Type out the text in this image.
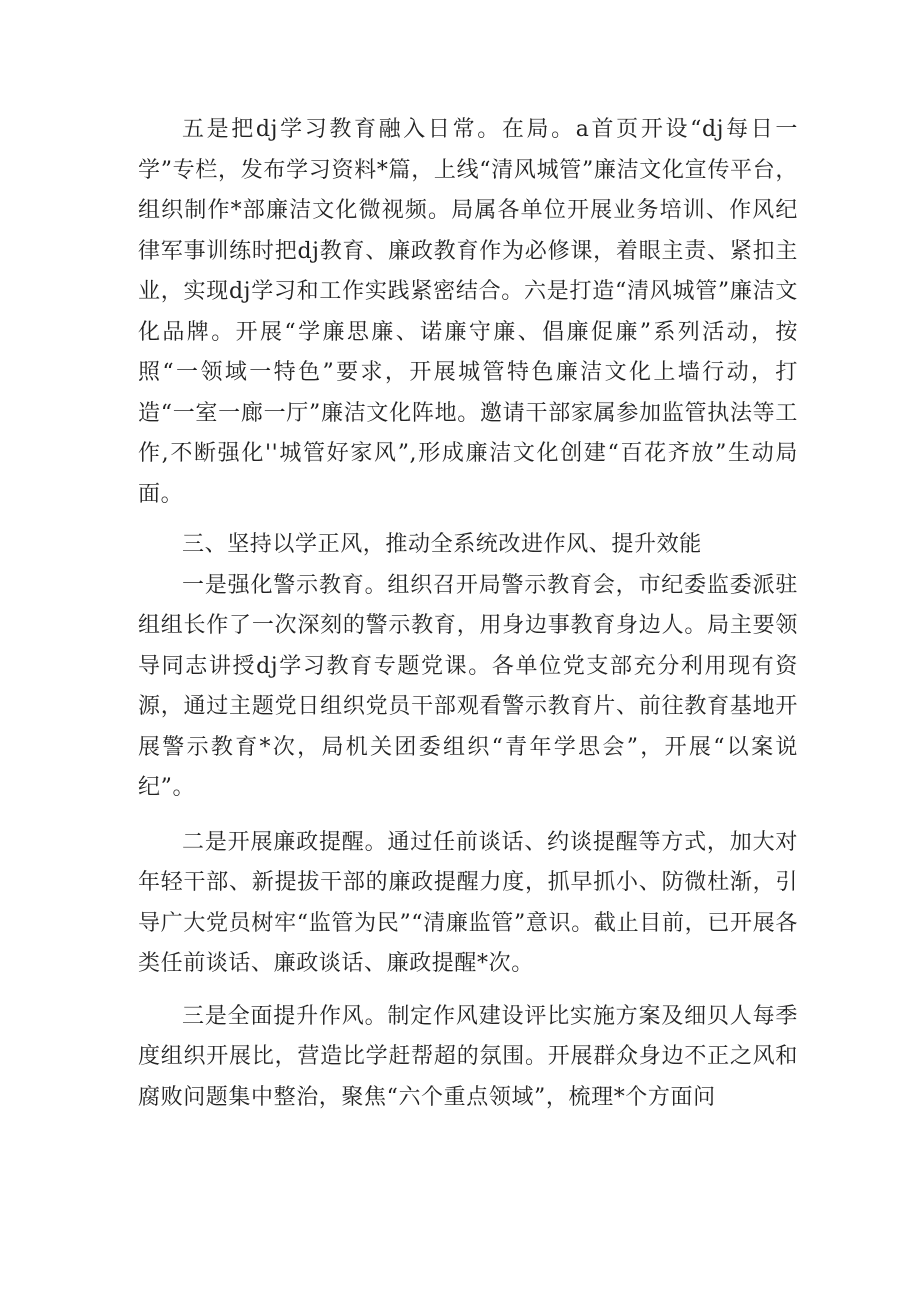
五是把dj学习教育融入日常。在局。a首页开设“dj每日一学”专栏，发布学习资料*篇，上线“清风城管”廉洁文化宣传平台，组织制作*部廉洁文化微视频。局属各单位开展业务培训、作风纪律军事训练时把dj教育、廉政教育作为必修课，着眼主责、紧扣主业，实现dj学习和工作实践紧密结合。六是打造“清风城管”廉洁文化品牌。开展“学廉思廉、诺廉守廉、倡廉促廉”系列活动，按照“一领域一特色”要求，开展城管特色廉洁文化上墙行动，打造“一室一廊一厅”廉洁文化阵地。邀请干部家属参加监管执法等工作,不断强化''城管好家风”,形成廉洁文化创建“百花齐放”生动局面。

三、坚持以学正风，推动全系统改进作风、提升效能

一是强化警示教育。组织召开局警示教育会，市纪委监委派驻组组长作了一次深刻的警示教育，用身边事教育身边人。局主要领导同志讲授dj学习教育专题党课。各单位党支部充分利用现有资源，通过主题党日组织党员干部观看警示教育片、前往教育基地开展警示教育*次，局机关团委组织“青年学思会”，开展“以案说纪”。

二是开展廉政提醒。通过任前谈话、约谈提醒等方式，加大对年轻干部、新提拔干部的廉政提醒力度，抓早抓小、防微杜渐，引导广大党员树牢“监管为民”“清廉监管”意识。截止目前，已开展各类任前谈话、廉政谈话、廉政提醒*次。

三是全面提升作风。制定作风建设评比实施方案及细贝人每季度组织开展比，营造比学赶帮超的氛围。开展群众身边不正之风和腐败问题集中整治，聚焦“六个重点领域”，梳理*个方面问
